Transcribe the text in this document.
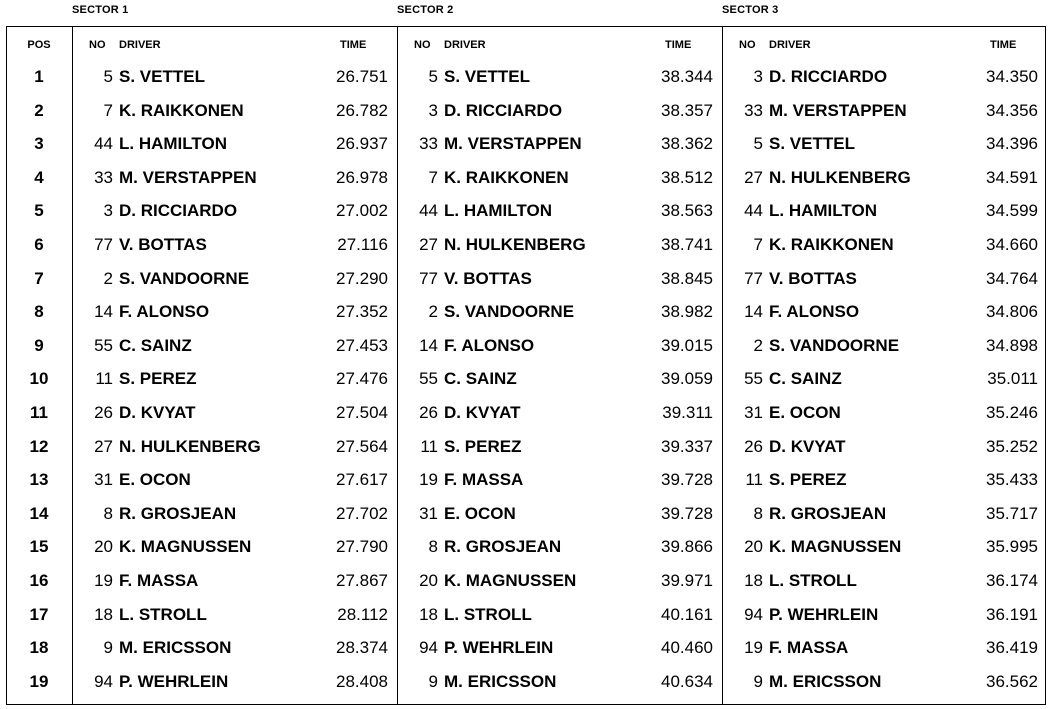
SECTOR 1	SECTOR 2	SECTOR 3
POS	NO DRIVER	TIME	NO DRIVER	TIME	NO DRIVER	TIME
1	5 S. VETTEL	26.751	5 S. VETTEL	38.344	3 D. RICCIARDO	34.350
2	7 K. RAIKKONEN	26.782	3 D. RICCIARDO	38.357	33 M. VERSTAPPEN	34.356
3	44 L. HAMILTON	26.937	33 M. VERSTAPPEN	38.362	5 S. VETTEL	34.396
4	33 M. VERSTAPPEN	26.978	7 K. RAIKKONEN	38.512	27 N. HULKENBERG	34.591
5	3 D. RICCIARDO	27.002	44 L. HAMILTON	38.563	44 L. HAMILTON	34.599
6	77 V. BOTTAS	27.116	27 N. HULKENBERG	38.741	7 K. RAIKKONEN	34.660
7	2 S. VANDOORNE	27.290	77 V. BOTTAS	38.845	77 V. BOTTAS	34.764
8	14 F. ALONSO	27.352	2 S. VANDOORNE	38.982	14 F. ALONSO	34.806
9	55 C. SAINZ	27.453	14 F. ALONSO	39.015	2 S. VANDOORNE	34.898
10	11 S. PEREZ	27.476	55 C. SAINZ	39.059	55 C. SAINZ	35.011
11	26 D. KVYAT	27.504	26 D. KVYAT	39.311	31 E. OCON	35.246
12	27 N. HULKENBERG	27.564	11 S. PEREZ	39.337	26 D. KVYAT	35.252
13	31 E. OCON	27.617	19 F. MASSA	39.728	11 S. PEREZ	35.433
14	8 R. GROSJEAN	27.702	31 E. OCON	39.728	8 R. GROSJEAN	35.717
15	20 K. MAGNUSSEN	27.790	8 R. GROSJEAN	39.866	20 K. MAGNUSSEN	35.995
16	19 F. MASSA	27.867	20 K. MAGNUSSEN	39.971	18 L. STROLL	36.174
17	18 L. STROLL	28.112	18 L. STROLL	40.161	94 P. WEHRLEIN	36.191
18	9 M. ERICSSON	28.374	94 P. WEHRLEIN	40.460	19 F. MASSA	36.419
19	94 P. WEHRLEIN	28.408	9 M. ERICSSON	40.634	9 M. ERICSSON	36.562
